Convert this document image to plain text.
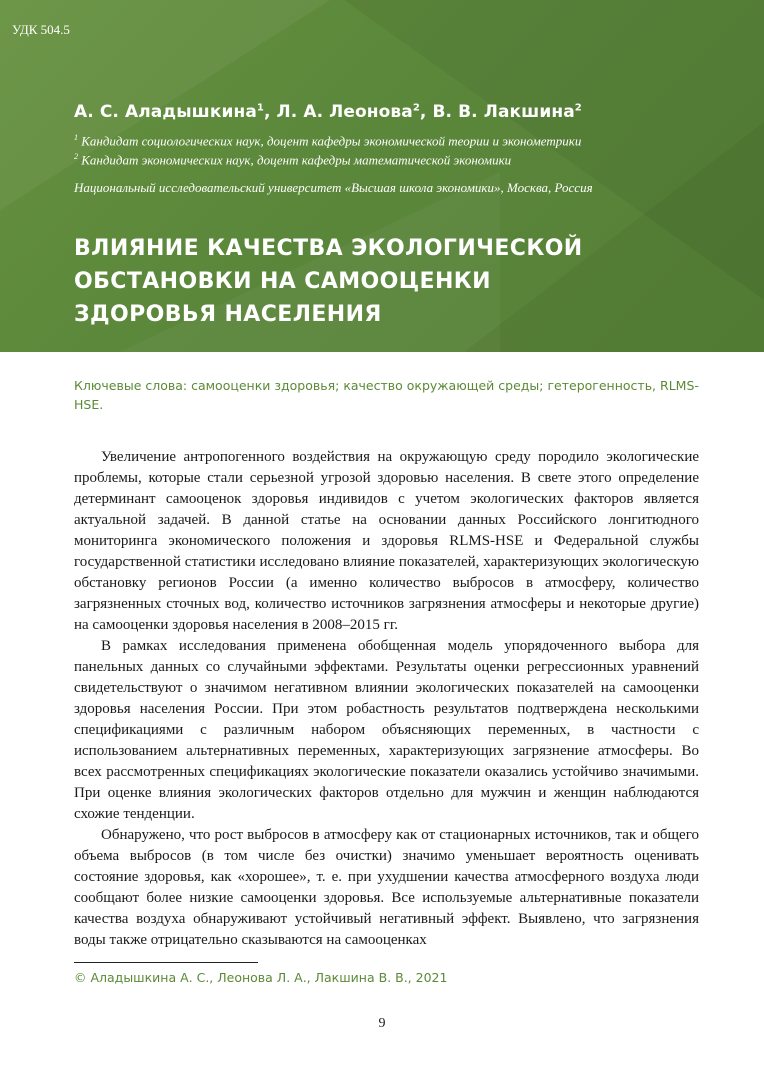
УДК 504.5
А. С. Аладышкина$^1$, Л. А. Леонова$^2$, В. В. Лакшина$^2$
$^1$ Кандидат социологических наук, доцент кафедры экономической теории и эконометрики
$^2$ Кандидат экономических наук, доцент кафедры математической экономики
Национальный исследовательский университет «Высшая школа экономики», Москва, Россия
ВЛИЯНИЕ КАЧЕСТВА ЭКОЛОГИЧЕСКОЙ
ОБСТАНОВКИ НА САМООЦЕНКИ
ЗДОРОВЬЯ НАСЕЛЕНИЯ
Ключевые слова: самооценки здоровья; качество окружающей среды; гетерогенность, RLMS-HSE.

Увеличение антропогенного воздействия на окружающую среду породило экологические проблемы, которые стали серьезной угрозой здоровью населения. В свете этого определение детерминант самооценок здоровья индивидов с учетом экологических факторов является актуальной задачей. В данной статье на основании данных Российского лонгитюдного мониторинга экономического положения и здоровья RLMS-HSE и Федеральной службы государственной статистики исследовано влияние показателей, характеризующих экологическую обстановку регионов России (а именно количество выбросов в атмосферу, количество загрязненных сточных вод, количество источников загрязнения атмосферы и некоторые другие) на самооценки здоровья населения в 2008–2015 гг.

В рамках исследования применена обобщенная модель упорядоченного выбора для панельных данных со случайными эффектами. Результаты оценки регрессионных уравнений свидетельствуют о значимом негативном влиянии экологических показателей на самооценки здоровья населения России. При этом робастность результатов подтверждена несколькими спецификациями с различным набором объясняющих переменных, в частности с использованием альтернативных переменных, характеризующих загрязнение атмосферы. Во всех рассмотренных спецификациях экологические показатели оказались устойчиво значимыми. При оценке влияния экологических факторов отдельно для мужчин и женщин наблюдаются схожие тенденции.

Обнаружено, что рост выбросов в атмосферу как от стационарных источников, так и общего объема выбросов (в том числе без очистки) значимо уменьшает вероятность оценивать состояние здоровья, как «хорошее», т. е. при ухудшении качества атмосферного воздуха люди сообщают более низкие самооценки здоровья. Все используемые альтернативные показатели качества воздуха обнаруживают устойчивый негативный эффект. Выявлено, что загрязнения воды также отрицательно сказываются на самооценках

© Аладышкина А. С., Леонова Л. А., Лакшина В. В., 2021
9
